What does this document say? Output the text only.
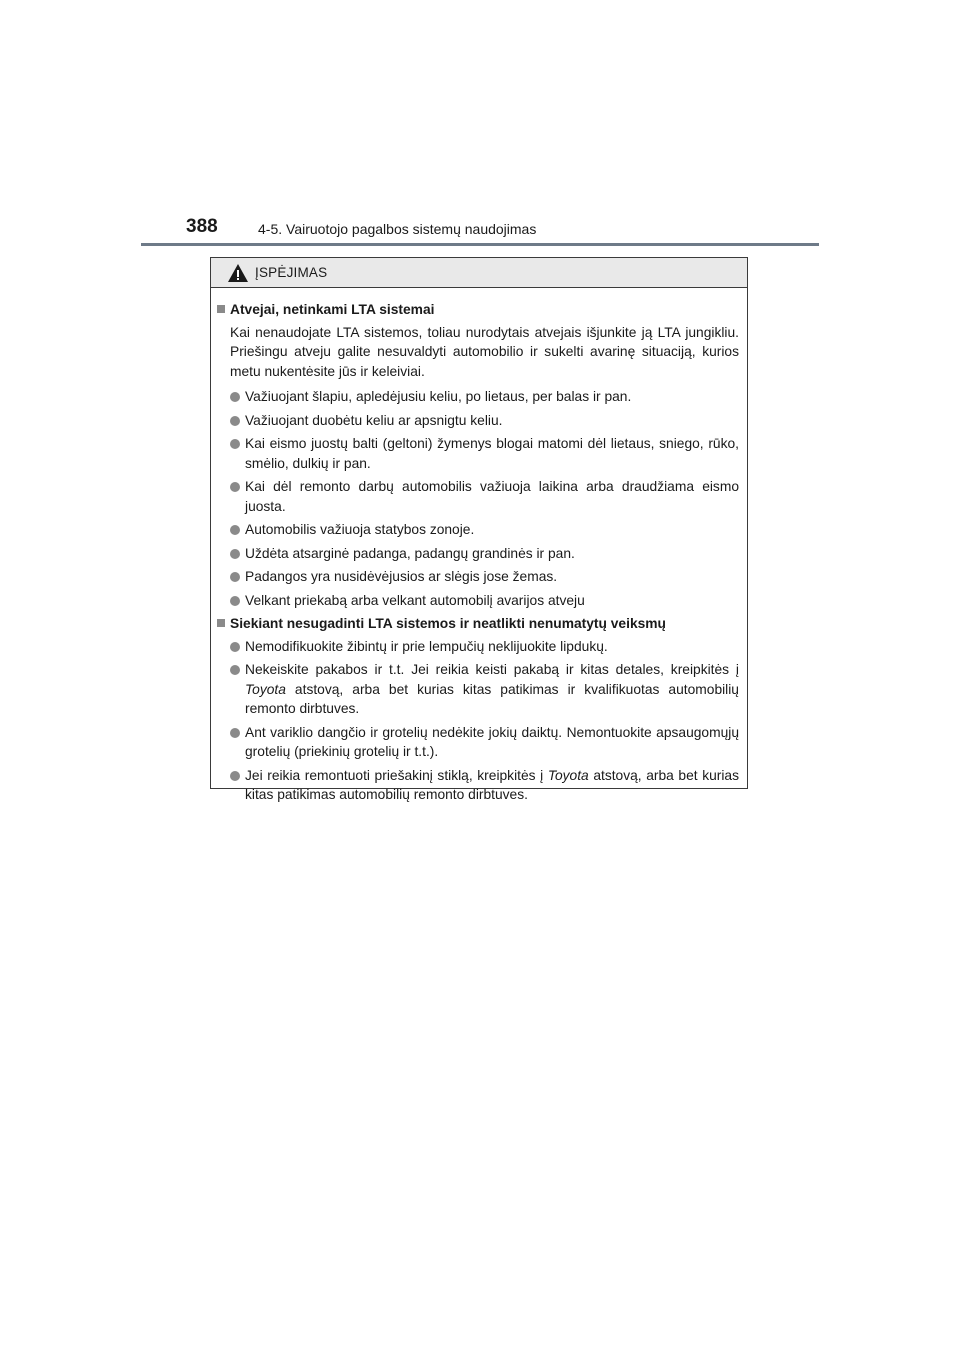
388	4-5. Vairuotojo pagalbos sistemų naudojimas
ĮSPĖJIMAS
Atvejai, netinkami LTA sistemai
Kai nenaudojate LTA sistemos, toliau nurodytais atvejais išjunkite ją LTA jungikliu. Priešingu atveju galite nesuvaldyti automobilio ir sukelti avarinę situaciją, kurios metu nukentėsite jūs ir keleiviai.
Važiuojant šlapiu, apledėjusiu keliu, po lietaus, per balas ir pan.
Važiuojant duobėtu keliu ar apsnigtu keliu.
Kai eismo juostų balti (geltoni) žymenys blogai matomi dėl lietaus, sniego, rūko, smėlio, dulkių ir pan.
Kai dėl remonto darbų automobilis važiuoja laikina arba draudžiama eismo juosta.
Automobilis važiuoja statybos zonoje.
Uždėta atsarginė padanga, padangų grandinės ir pan.
Padangos yra nusidėvėjusios ar slėgis jose žemas.
Velkant priekabą arba velkant automobilį avarijos atveju
Siekiant nesugadinti LTA sistemos ir neatlikti nenumatytų veiksmų
Nemodifikuokite žibintų ir prie lempučių neklijuokite lipdukų.
Nekeiskite pakabos ir t.t. Jei reikia keisti pakabą ir kitas detales, kreipkitės į Toyota atstovą, arba bet kurias kitas patikimas ir kvalifikuotas automobilių remonto dirbtuves.
Ant variklio dangčio ir grotelių nedėkite jokių daiktų. Nemontuokite apsaugomųjų grotelių (priekinių grotelių ir t.t.).
Jei reikia remontuoti priešakinį stiklą, kreipkitės į Toyota atstovą, arba bet kurias kitas patikimas automobilių remonto dirbtuves.
